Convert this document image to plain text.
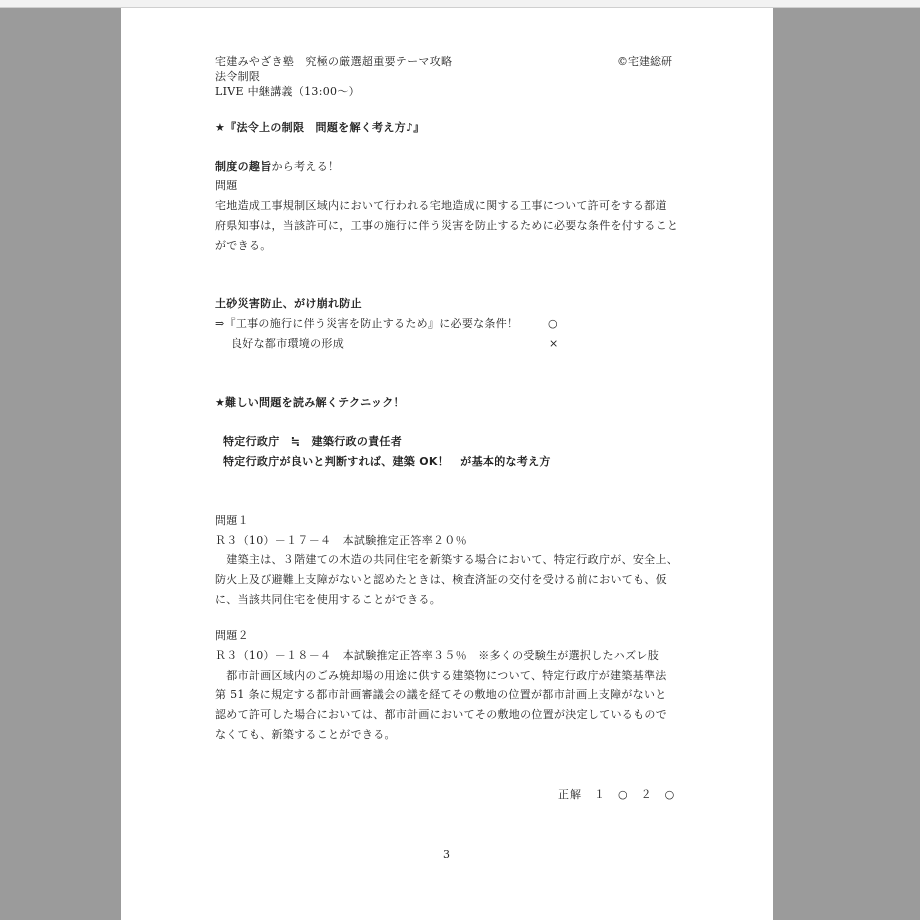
宅建みやざき塾　究極の厳選超重要テーマ攻略	©宅建総研
法令制限
LIVE 中継講義（13:00～）
★『法令上の制限　問題を解く考え方♪』
制度の趣旨から考える！
問題
宅地造成工事規制区域内において行われる宅地造成に関する工事について許可をする都道
府県知事は，当該許可に，工事の施行に伴う災害を防止するために必要な条件を付すること
ができる。
土砂災害防止、がけ崩れ防止
⇒『工事の施行に伴う災害を防止するため』に必要な条件！	○
良好な都市環境の形成	×
★難しい問題を読み解くテクニック！
特定行政庁　≒　建築行政の責任者
特定行政庁が良いと判断すれば、建築 OK！　が基本的な考え方
問題１
Ｒ３（10）－１７－４　本試験推定正答率２０％
　建築主は、３階建ての木造の共同住宅を新築する場合において、特定行政庁が、安全上、
防火上及び避難上支障がないと認めたときは、検査済証の交付を受ける前においても、仮
に、当該共同住宅を使用することができる。
問題２
Ｒ３（10）－１８－４　本試験推定正答率３５％　※多くの受験生が選択したハズレ肢
　都市計画区域内のごみ焼却場の用途に供する建築物について、特定行政庁が建築基準法
第 51 条に規定する都市計画審議会の議を経てその敷地の位置が都市計画上支障がないと
認めて許可した場合においては、都市計画においてその敷地の位置が決定しているもので
なくても、新築することができる。
正解　１　○　２　○
3
